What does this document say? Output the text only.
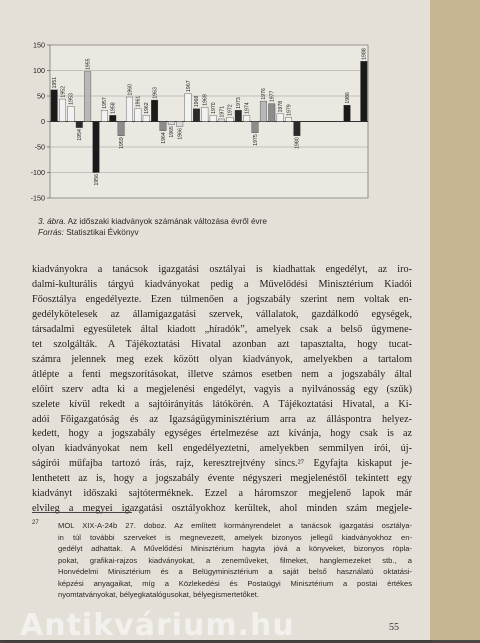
150
100
50
0
-50
-100
-150
1951
1952
1953
1954
1955
1956
1957 1958
1959
1960
1961
1962
1963
1964
1965 1966
1967
1968 1969
1970 1971 1972
1973 1974
1975
1976 1977
1978 1979
1980
1986
1988
3. ábra. Az időszaki kiadványok számának változása évről évre
Forrás: Statisztikai Évkönyv
kiadványokra a tanácsok igazgatási osztályai is kiadhattak engedélyt, az iro-
dalmi-kulturális tárgyú kiadványokat pedig a Művelődési Minisztérium Kiadói
Főosztálya engedélyezte. Ezen túlmenően a jogszabály szerint nem voltak en-
gedélykötelesek az államigazgatási szervek, vállalatok, gazdálkodó egységek,
társadalmi egyesületek által kiadott „híradók”, amelyek csak a belső ügymene-
tet szolgálták. A Tájékoztatási Hivatal azonban azt tapasztalta, hogy tucat-
számra jelennek meg ezek között olyan kiadványok, amelyekben a tartalom
átlépte a fenti megszorításokat, illetve számos esetben nem a jogszabály által
előírt szerv adta ki a megjelenési engedélyt, vagyis a nyilvánosság egy (szűk)
szelete kívül rekedt a sajtóirányítás látókörén. A Tájékoztatási Hivatal, a Ki-
adói Főigazgatóság és az Igazságügyminisztérium arra az álláspontra helyez-
kedett, hogy a jogszabály egységes értelmezése azt kívánja, hogy csak is az
olyan kiadványokat nem kell engedélyeztetni, amelyekben semmilyen írói, új-
ságírói műfajba tartozó írás, rajz, keresztrejtvény sincs.²⁷ Egyfajta kiskaput je-
lenthetett az is, hogy a jogszabály évente négyszeri megjelenéstől tekintett egy
kiadványt időszaki sajtóterméknek. Ezzel a háromszor megjelenő lapok már
elvileg a megyei igazgatási osztályokhoz kerültek, ahol minden szám megjele-
27	MOL XIX-A-24b 27. doboz. Az említett kormányrendelet a tanácsok igazgatási osztálya-
in túl további szerveket is megnevezett, amelyek bizonyos jellegű kiadványokhoz en-
gedélyt adhattak. A Művelődési Minisztérium hagyta jóvá a könyveket, bizonyos röpla-
pokat, grafikai-rajzos kiadványokat, a zeneműveket, filmeket, hanglemezeket stb., a
Honvédelmi Minisztérium és a Belügyminisztérium a saját belső használatú oktatási-
képzési anyagaikat, míg a Közlekedési és Postaügyi Minisztérium a postai értékes
nyomtatványokat, bélyegkatalógusokat, bélyegismertetőket.
55
Antikvárium.hu
